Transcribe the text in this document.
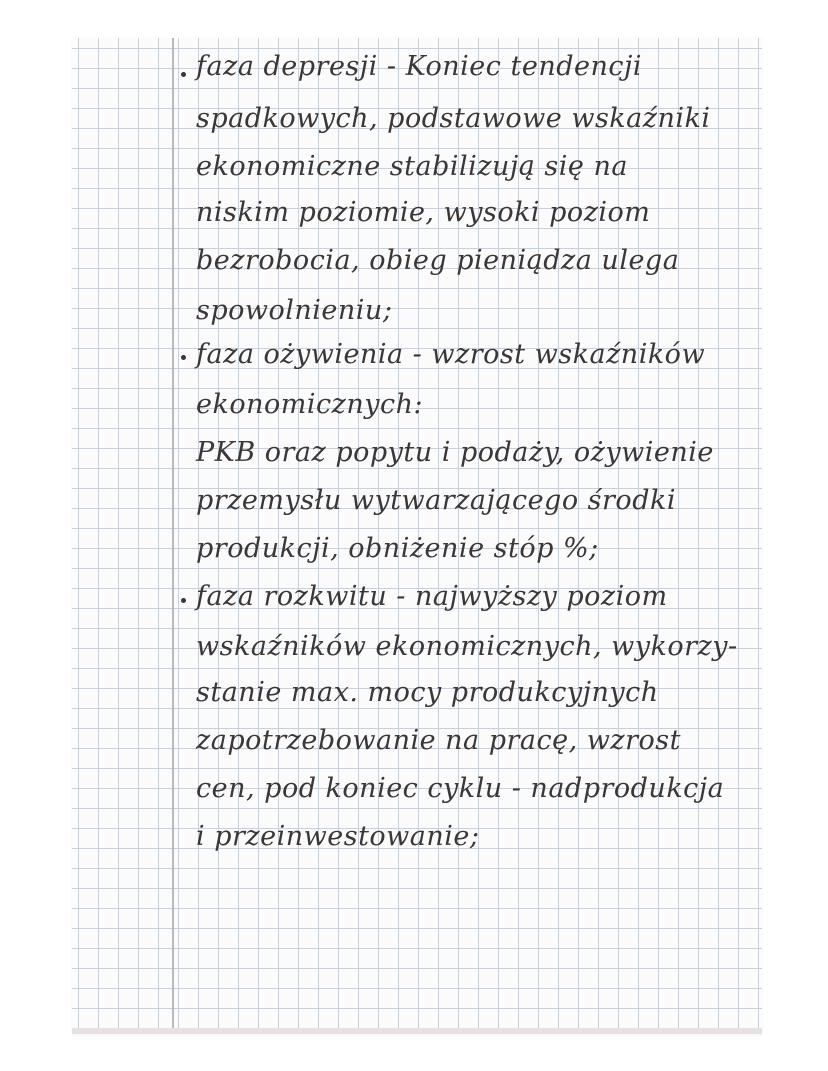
faza depresji - Koniec tendencji
spadkowych, podstawowe wskaźniki
ekonomiczne stabilizują się na
niskim poziomie, wysoki poziom
bezrobocia, obieg pieniądza ulega
spowolnieniu;
faza ożywienia - wzrost wskaźników
ekonomicznych:
PKB oraz popytu i podaży, ożywienie
przemysłu wytwarzającego środki
produkcji, obniżenie stóp %;
faza rozkwitu - najwyższy poziom
wskaźników ekonomicznych, wykorzy-
stanie max. mocy produkcyjnych
zapotrzebowanie na pracę, wzrost
cen, pod koniec cyklu - nadprodukcja
i przeinwestowanie;
